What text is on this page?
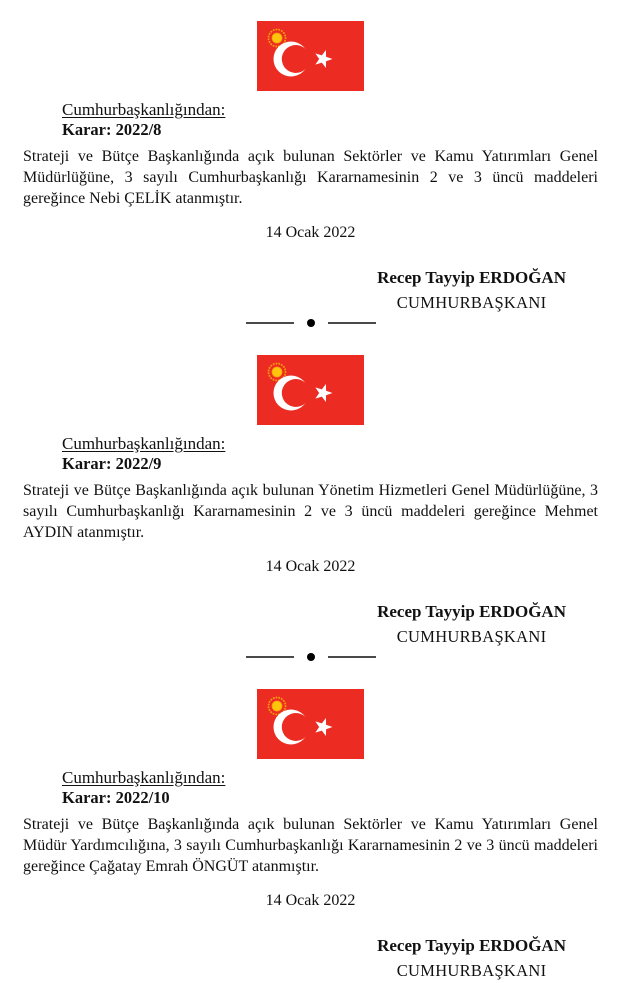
Cumhurbaşkanlığından:
Karar: 2022/8

Strateji ve Bütçe Başkanlığında açık bulunan Sektörler ve Kamu Yatırımları Genel Müdürlüğüne, 3 sayılı Cumhurbaşkanlığı Kararnamesinin 2 ve 3 üncü maddeleri gereğince Nebi ÇELİK atanmıştır.

14 Ocak 2022
Recep Tayyip ERDOĞAN
CUMHURBAŞKANI
Cumhurbaşkanlığından:
Karar: 2022/9

Strateji ve Bütçe Başkanlığında açık bulunan Yönetim Hizmetleri Genel Müdürlüğüne, 3 sayılı Cumhurbaşkanlığı Kararnamesinin 2 ve 3 üncü maddeleri gereğince Mehmet AYDIN atanmıştır.

14 Ocak 2022
Recep Tayyip ERDOĞAN
CUMHURBAŞKANI
Cumhurbaşkanlığından:
Karar: 2022/10

Strateji ve Bütçe Başkanlığında açık bulunan Sektörler ve Kamu Yatırımları Genel Müdür Yardımcılığına, 3 sayılı Cumhurbaşkanlığı Kararnamesinin 2 ve 3 üncü maddeleri gereğince Çağatay Emrah ÖNGÜT atanmıştır.

14 Ocak 2022
Recep Tayyip ERDOĞAN
CUMHURBAŞKANI
